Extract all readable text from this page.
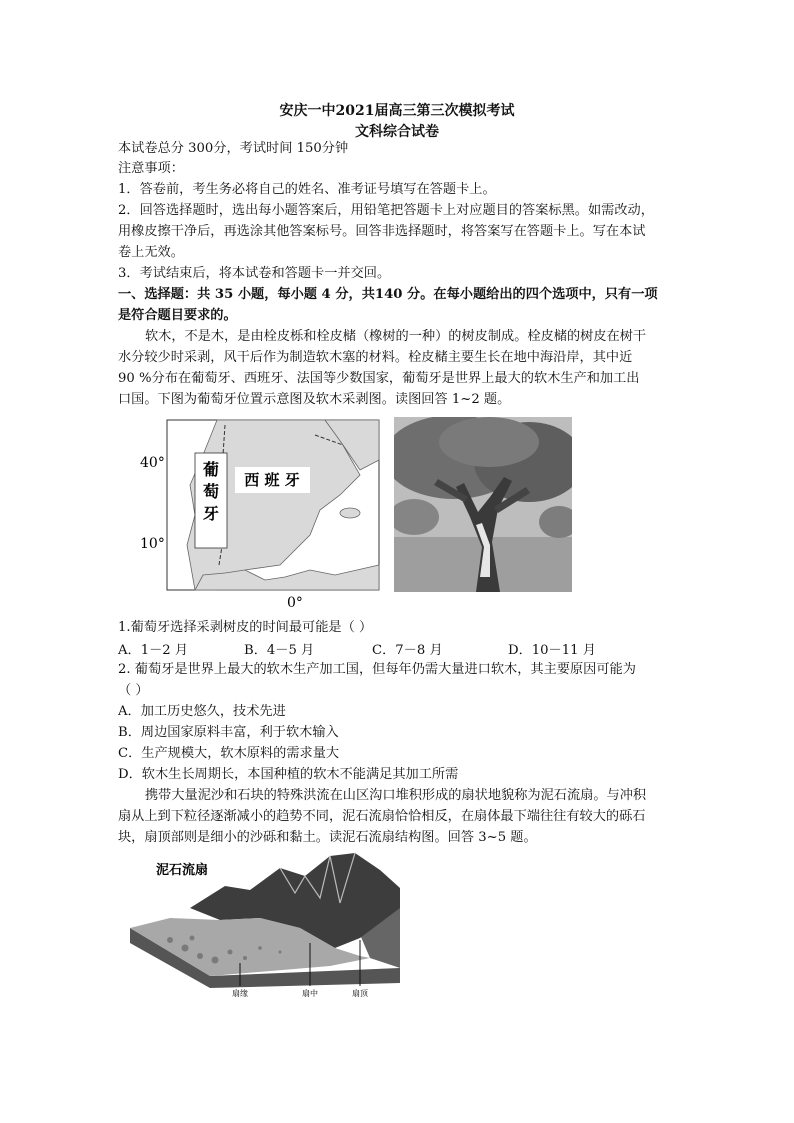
安庆一中2021届高三第三次模拟考试
文科综合试卷
本试卷总分 300分，考试时间 150分钟
注意事项：
1．答卷前，考生务必将自己的姓名、准考证号填写在答题卡上。
2．回答选择题时，选出每小题答案后，用铅笔把答题卡上对应题目的答案标黑。如需改动，
用橡皮擦干净后，再选涂其他答案标号。回答非选择题时，将答案写在答题卡上。写在本试
卷上无效。
3．考试结束后，将本试卷和答题卡一并交回。
一、选择题：共 35 小题，每小题 4 分，共140 分。在每小题给出的四个选项中，只有一项
是符合题目要求的。
软木，不是木，是由栓皮栎和栓皮槠（橡树的一种）的树皮制成。栓皮槠的树皮在树干
水分较少时采剥，风干后作为制造软木塞的材料。栓皮槠主要生长在地中海沿岸，其中近
90 %分布在葡萄牙、西班牙、法国等少数国家，葡萄牙是世界上最大的软木生产和加工出
口国。下图为葡萄牙位置示意图及软木采剥图。读图回答 1~2 题。
葡
萄
牙
西 班 牙
40°
10°
0°
1.葡萄牙选择采剥树皮的时间最可能是（ ）
A．1－2 月	B．4－5 月	C．7－8 月	D．10－11 月
2. 葡萄牙是世界上最大的软木生产加工国，但每年仍需大量进口软木，其主要原因可能为
（ ）
A．加工历史悠久，技术先进
B．周边国家原料丰富，利于软木输入
C．生产规模大，软木原料的需求量大
D．软木生长周期长，本国种植的软木不能满足其加工所需
携带大量泥沙和石块的特殊洪流在山区沟口堆积形成的扇状地貌称为泥石流扇。与冲积
扇从上到下粒径逐渐减小的趋势不同，泥石流扇恰恰相反，在扇体最下端往往有较大的砾石
块，扇顶部则是细小的沙砾和黏土。读泥石流扇结构图。回答 3~5 题。
泥石流扇
扇缘	扇中	扇顶
